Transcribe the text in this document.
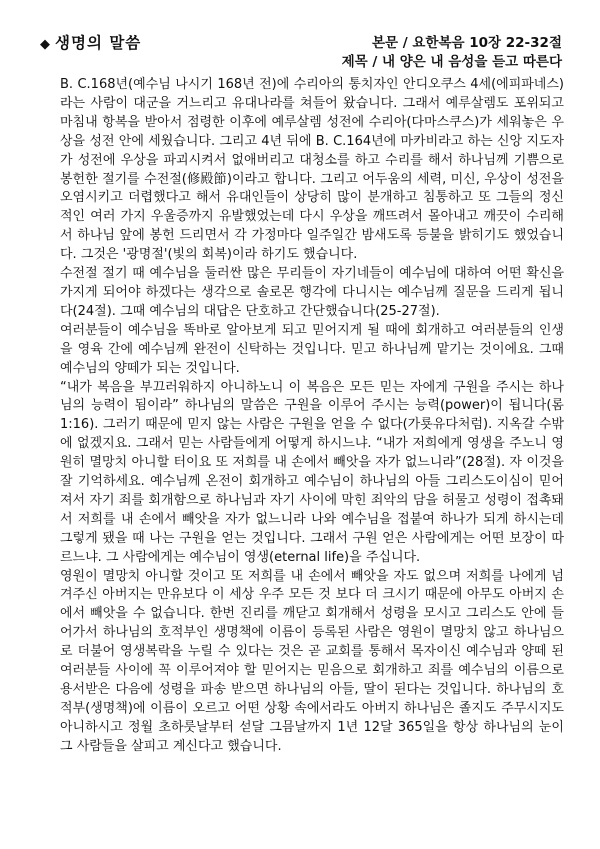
◆ 생명의 말씀	본문 / 요한복음 10장 22-32절
제목 / 내 양은 내 음성을 듣고 따른다

B. C.168년(예수님 나시기 168년 전)에 수리아의 통치자인 안디오쿠스 4세(에피파네스)라는 사람이 대군을 거느리고 유대나라를 쳐들어 왔습니다. 그래서 예루살렘도 포위되고 마침내 항복을 받아서 점령한 이후에 예루살렘 성전에 수리아(다마스쿠스)가 세워놓은 우상을 성전 안에 세웠습니다. 그리고 4년 뒤에 B. C.164년에 마카비라고 하는 신앙 지도자가 성전에 우상을 파괴시켜서 없애버리고 대청소를 하고 수리를 해서 하나님께 기쁨으로 봉헌한 절기를 수전절(修殿節)이라고 합니다. 그리고 어두움의 세력, 미신, 우상이 성전을 오염시키고 더렵했다고 해서 유대인들이 상당히 많이 분개하고 침통하고 또 그들의 정신적인 여러 가지 우울증까지 유발했었는데 다시 우상을 깨뜨려서 몰아내고 깨끗이 수리해서 하나님 앞에 봉헌 드리면서 각 가정마다 일주일간 밤새도록 등불을 밝히기도 했었습니다. 그것은 '광명절'(빛의 회복)이라 하기도 했습니다.

수전절 절기 때 예수님을 둘러싼 많은 무리들이 자기네들이 예수님에 대하여 어떤 확신을 가지게 되어야 하겠다는 생각으로 솔로몬 행각에 다니시는 예수님께 질문을 드리게 됩니다(24절). 그때 예수님의 대답은 단호하고 간단했습니다(25-27절).

여러분들이 예수님을 똑바로 알아보게 되고 믿어지게 될 때에 회개하고 여러분들의 인생을 영육 간에 예수님께 완전이 신탁하는 것입니다. 믿고 하나님께 맡기는 것이에요. 그때 예수님의 양떼가 되는 것입니다.

“내가 복음을 부끄러워하지 아니하노니 이 복음은 모든 믿는 자에게 구원을 주시는 하나님의 능력이 됨이라” 하나님의 말씀은 구원을 이루어 주시는 능력(power)이 됩니다(롬1:16). 그러기 때문에 믿지 않는 사람은 구원을 얻을 수 없다(가룟유다처럼). 지옥갈 수밖에 없겠지요. 그래서 믿는 사람들에게 어떻게 하시느냐. “내가 저희에게 영생을 주노니 영원히 멸망치 아니할 터이요 또 저희를 내 손에서 빼앗을 자가 없느니라”(28절). 자 이것을 잘 기억하세요. 예수님께 온전이 회개하고 예수님이 하나님의 아들 그리스도이심이 믿어져서 자기 죄를 회개함으로 하나님과 자기 사이에 막힌 죄악의 담을 허물고 성령이 접촉돼서 저희를 내 손에서 빼앗을 자가 없느니라 나와 예수님을 접붙여 하나가 되게 하시는데 그렇게 됐을 때 나는 구원을 얻는 것입니다. 그래서 구원 얻은 사람에게는 어떤 보장이 따르느냐. 그 사람에게는 예수님이 영생(eternal life)을 주십니다.

영원이 멸망치 아니할 것이고 또 저희를 내 손에서 빼앗을 자도 없으며 저희를 나에게 넘겨주신 아버지는 만유보다 이 세상 우주 모든 것 보다 더 크시기 때문에 아무도 아버지 손에서 빼앗을 수 없습니다. 한번 진리를 깨닫고 회개해서 성령을 모시고 그리스도 안에 들어가서 하나님의 호적부인 생명책에 이름이 등록된 사람은 영원이 멸망치 않고 하나님으로 더불어 영생복락을 누릴 수 있다는 것은 곧 교회를 통해서 목자이신 예수님과 양떼 된 여러분들 사이에 꼭 이루어져야 할 믿어지는 믿음으로 회개하고 죄를 예수님의 이름으로 용서받은 다음에 성령을 파송 받으면 하나님의 아들, 딸이 된다는 것입니다. 하나님의 호적부(생명책)에 이름이 오르고 어떤 상황 속에서라도 아버지 하나님은 졸지도 주무시지도 아니하시고 정월 초하룻날부터 섣달 그믐날까지 1년 12달 365일을 항상 하나님의 눈이 그 사람들을 살피고 계신다고 했습니다.
